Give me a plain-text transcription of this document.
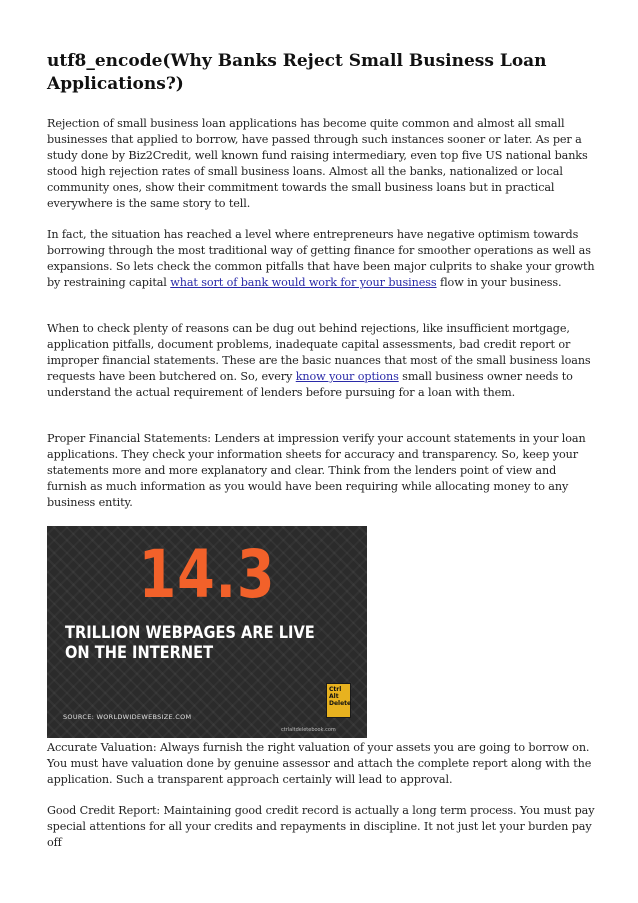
utf8_encode(Why Banks Reject Small Business Loan Applications?)

Rejection of small business loan applications has become quite common and almost all small businesses that applied to borrow, have passed through such instances sooner or later. As per a study done by Biz2Credit, well known fund raising intermediary, even top five US national banks stood high rejection rates of small business loans. Almost all the banks, nationalized or local community ones, show their commitment towards the small business loans but in practical everywhere is the same story to tell.

In fact, the situation has reached a level where entrepreneurs have negative optimism towards borrowing through the most traditional way of getting finance for smoother operations as well as expansions. So lets check the common pitfalls that have been major culprits to shake your growth by restraining capital what sort of bank would work for your business flow in your business.

When to check plenty of reasons can be dug out behind rejections, like insufficient mortgage, application pitfalls, document problems, inadequate capital assessments, bad credit report or improper financial statements. These are the basic nuances that most of the small business loans requests have been butchered on. So, every know your options small business owner needs to understand the actual requirement of lenders before pursuing for a loan with them.

Proper Financial Statements: Lenders at impression verify your account statements in your loan applications. They check your information sheets for accuracy and transparency. So, keep your statements more and more explanatory and clear. Think from the lenders point of view and furnish as much information as you would have been requiring while allocating money to any business entity.

14.3
TRILLION WEBPAGES ARE LIVE ON THE INTERNET
SOURCE: WORLDWIDEWEBSIZE.COM
Ctrl
Alt
Delete
ctrlaltdeletebook.com

Accurate Valuation: Always furnish the right valuation of your assets you are going to borrow on. You must have valuation done by genuine assessor and attach the complete report along with the application. Such a transparent approach certainly will lead to approval.

Good Credit Report: Maintaining good credit record is actually a long term process. You must pay special attentions for all your credits and repayments in discipline. It not just let your burden pay off
